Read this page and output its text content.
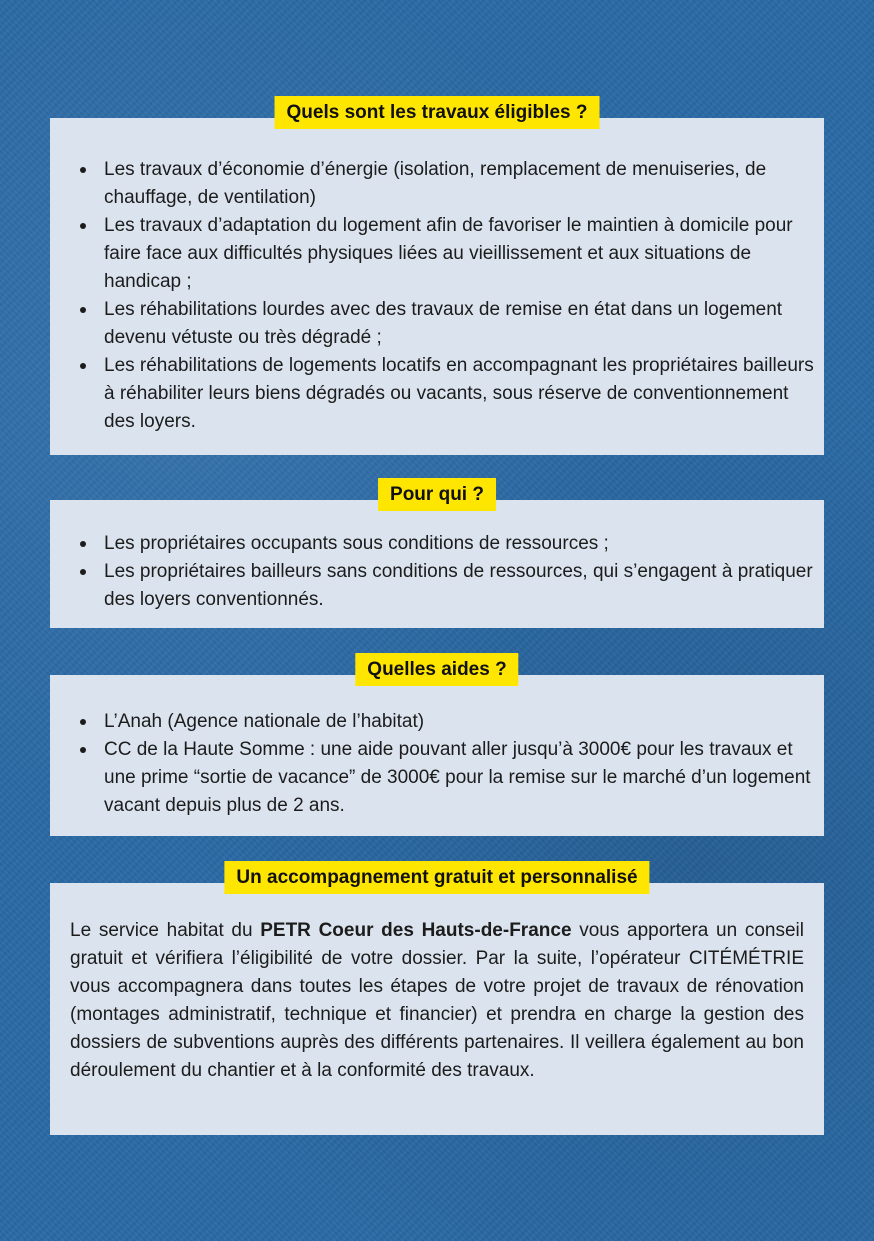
Les travaux d’économie d’énergie (isolation, remplacement de menuiseries, de chauffage, de ventilation)
Les travaux d’adaptation du logement afin de favoriser le maintien à domicile pour faire face aux difficultés physiques liées au vieillissement et aux situations de handicap ;
Les réhabilitations lourdes avec des travaux de remise en état dans un logement devenu vétuste ou très dégradé ;
Les réhabilitations de logements locatifs en accompagnant les propriétaires bailleurs à réhabiliter leurs biens dégradés ou vacants, sous réserve de conventionnement des loyers.
Quels sont les travaux éligibles ?
Les propriétaires occupants sous conditions de ressources ;
Les propriétaires bailleurs sans conditions de ressources, qui s’engagent à pratiquer des loyers conventionnés.
Pour qui ?
L’Anah (Agence nationale de l’habitat)
CC de la Haute Somme : une aide pouvant aller jusqu’à 3000€ pour les travaux et une prime “sortie de vacance” de 3000€ pour la remise sur le marché d’un logement vacant depuis plus de 2 ans.
Quelles aides ?

Le service habitat du PETR Coeur des Hauts-de-France vous apportera un conseil gratuit et vérifiera l’éligibilité de votre dossier. Par la suite, l’opérateur CITÉMÉTRIE vous accompagnera dans toutes les étapes de votre projet de travaux de rénovation (montages administratif, technique et financier) et prendra en charge la gestion des dossiers de subventions auprès des différents partenaires. Il veillera également au bon déroulement du chantier et à la conformité des travaux.

Un accompagnement gratuit et personnalisé
